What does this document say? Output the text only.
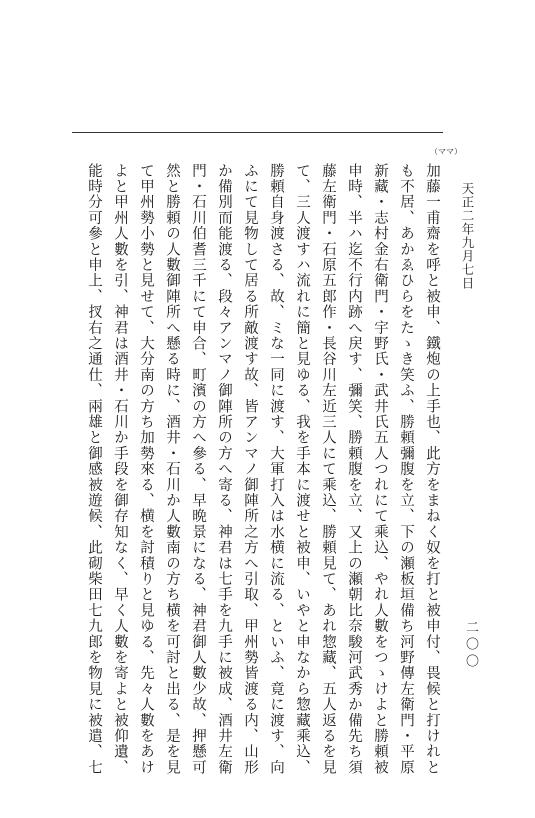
天正二年九月七日
二〇〇
（ママ）
加藤一甫齋を呼と被申、鐵炮の上手也、此方をまねく奴を打と被申付、畏候と打けれと
も不居、あかゑひらをたゝき笑ふ、勝頼彌腹を立、下の瀬板垣備ち河野傳左衛門・平原
新藏・志村金右衛門・宇野氏・武井氏五人つれにて乘込、やれ人數をつゝけよと勝頼被
申時、半ハ迄不行内跡へ戻す、彌笑、勝頼腹を立、又上の瀬朝比奈駿河武秀か備先ち須
藤左衛門・石原五郎作・長谷川左近三人にて乘込、勝頼見て、あれ惣藏、五人返るを見
て、三人渡すハ流れに簡と見ゆる、我を手本に渡せと被申、いやと申なから惣藏乘込、
勝頼自身渡さる、故、ミな一同に渡す、大軍打入は水横に流る、といふ、竟に渡す、向
ふにて見物して居る所敵渡す故、皆アンマノ御陣所之方へ引取、甲州勢皆渡る内、山形
か備別而能渡る、段々アンマノ御陣所の方へ寄る、神君は七手を九手に被成、酒井左衛
門・石川伯耆三千にて申合、町濱の方へ參る、早晩景になる、神君御人數少故、押懸可
然と勝頼の人數御陣所へ懸る時に、酒井・石川か人數南の方ち横を可討と出る、是を見
て甲州勢小勢と見せて、大分南の方ち加勢來る、横を討積りと見ゆる、先々人數をあけ
よと甲州人數を引、神君は酒井・石川か手段を御存知なく、早く人數を寄よと被仰遺、
能時分可參と申上、扠右之通仕、兩雄と御感被遊候、此砌柴田七九郎を物見に被遣、七
